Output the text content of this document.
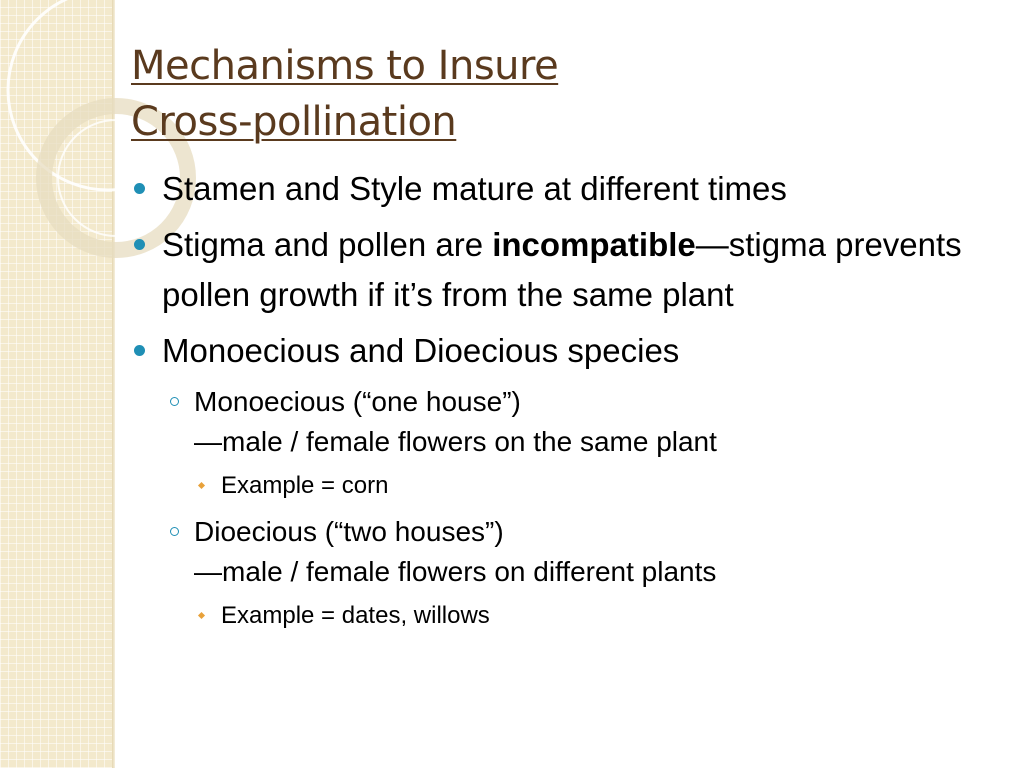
Mechanisms to Insure
Cross-pollination
Stamen and Style mature at different times
Stigma and pollen are incompatible—stigma prevents pollen growth if it’s from the same plant
Monoecious and Dioecious species
Monoecious (“one house”)
—male / female flowers on the same plant
Example = corn
Dioecious (“two houses”)
—male / female flowers on different plants
Example = dates, willows
